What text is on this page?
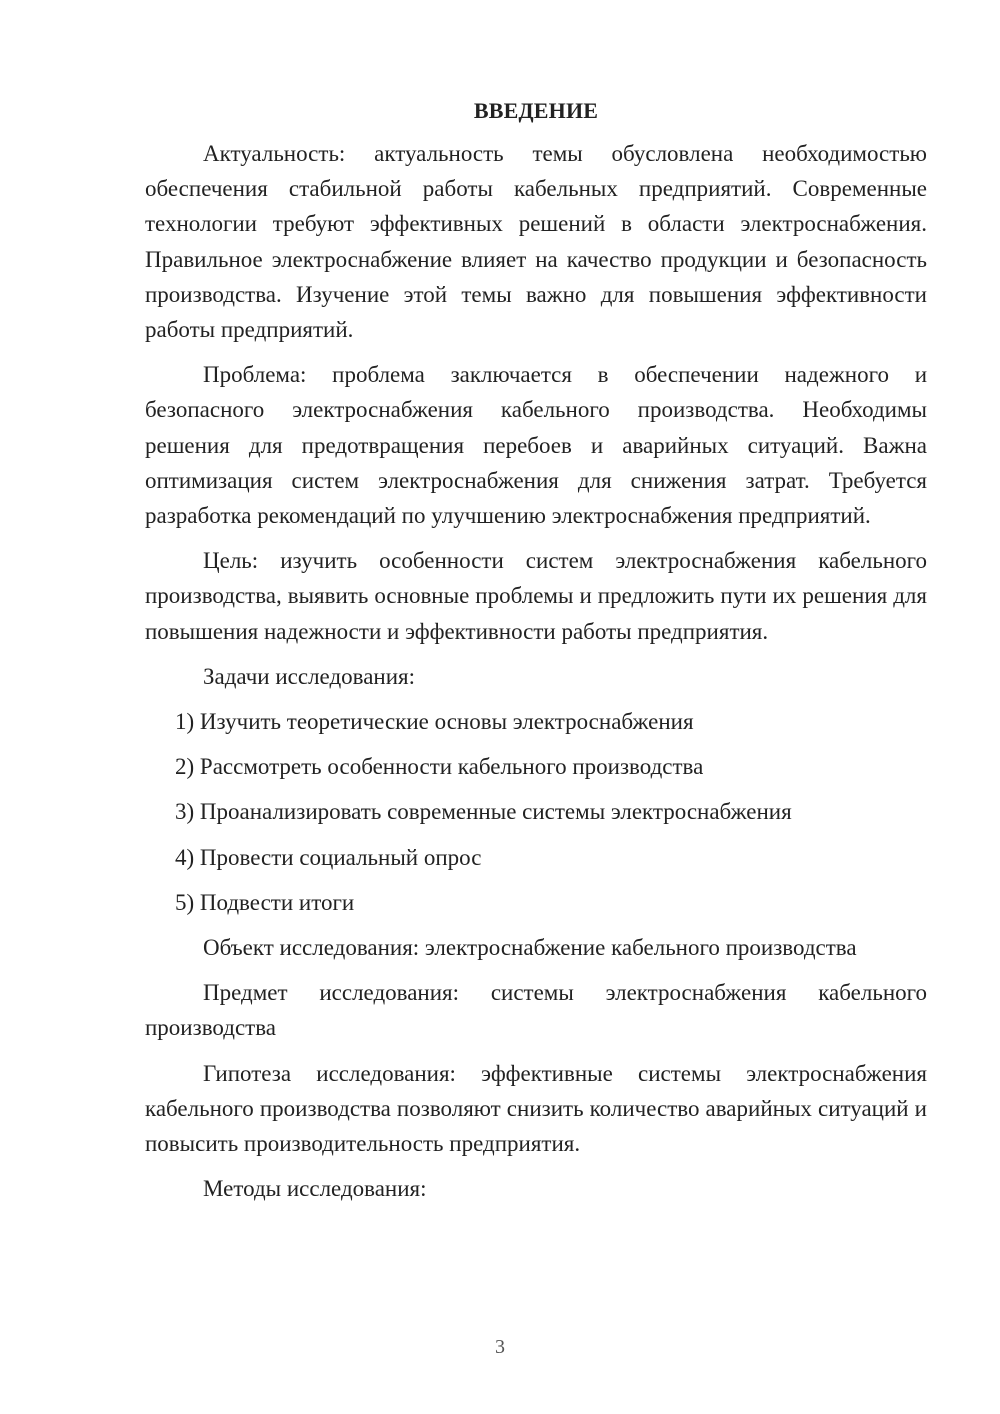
ВВЕДЕНИЕ

Актуальность: актуальность темы обусловлена необходимостью обеспечения стабильной работы кабельных предприятий. Современные технологии требуют эффективных решений в области электроснабжения. Правильное электроснабжение влияет на качество продукции и безопасность производства. Изучение этой темы важно для повышения эффективности работы предприятий.

Проблема: проблема заключается в обеспечении надежного и безопасного электроснабжения кабельного производства. Необходимы решения для предотвращения перебоев и аварийных ситуаций. Важна оптимизация систем электроснабжения для снижения затрат. Требуется разработка рекомендаций по улучшению электроснабжения предприятий.

Цель: изучить особенности систем электроснабжения кабельного производства, выявить основные проблемы и предложить пути их решения для повышения надежности и эффективности работы предприятия.

Задачи исследования:

1) Изучить теоретические основы электроснабжения
2) Рассмотреть особенности кабельного производства
3) Проанализировать современные системы электроснабжения
4) Провести социальный опрос
5) Подвести итоги

Объект исследования: электроснабжение кабельного производства

Предмет исследования: системы электроснабжения кабельного производства

Гипотеза исследования: эффективные системы электроснабжения кабельного производства позволяют снизить количество аварийных ситуаций и повысить производительность предприятия.

Методы исследования:

3
